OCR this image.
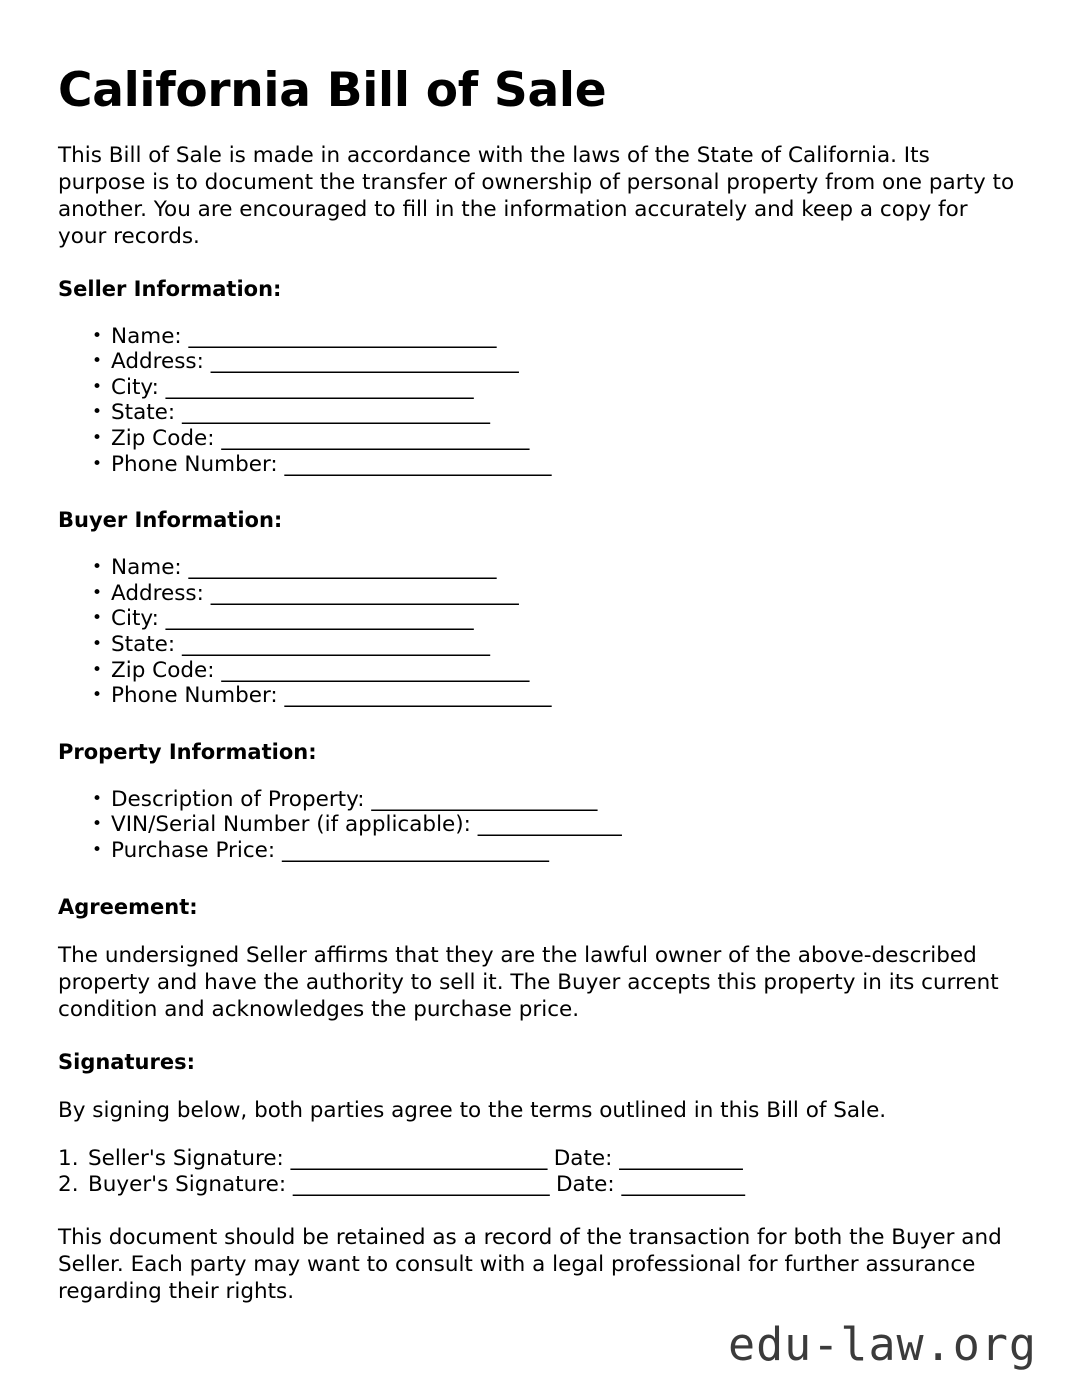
California Bill of Sale

This Bill of Sale is made in accordance with the laws of the State of California. Its purpose is to document the transfer of ownership of personal property from one party to another. You are encouraged to fill in the information accurately and keep a copy for your records.

Seller Information:
• Name: ______________________________
• Address: ______________________________
• City: ______________________________
• State: ______________________________
• Zip Code: ______________________________
• Phone Number: __________________________
Buyer Information:
• Name: ______________________________
• Address: ______________________________
• City: ______________________________
• State: ______________________________
• Zip Code: ______________________________
• Phone Number: __________________________
Property Information:
• Description of Property: ______________________
• VIN/Serial Number (if applicable): ______________
• Purchase Price: __________________________
Agreement:

The undersigned Seller affirms that they are the lawful owner of the above-described property and have the authority to sell it. The Buyer accepts this property in its current condition and acknowledges the purchase price.

Signatures:

By signing below, both parties agree to the terms outlined in this Bill of Sale.

Seller's Signature: _________________________ Date: ____________
Buyer's Signature: _________________________ Date: ____________

This document should be retained as a record of the transaction for both the Buyer and Seller. Each party may want to consult with a legal professional for further assurance regarding their rights.

edu-law.org
